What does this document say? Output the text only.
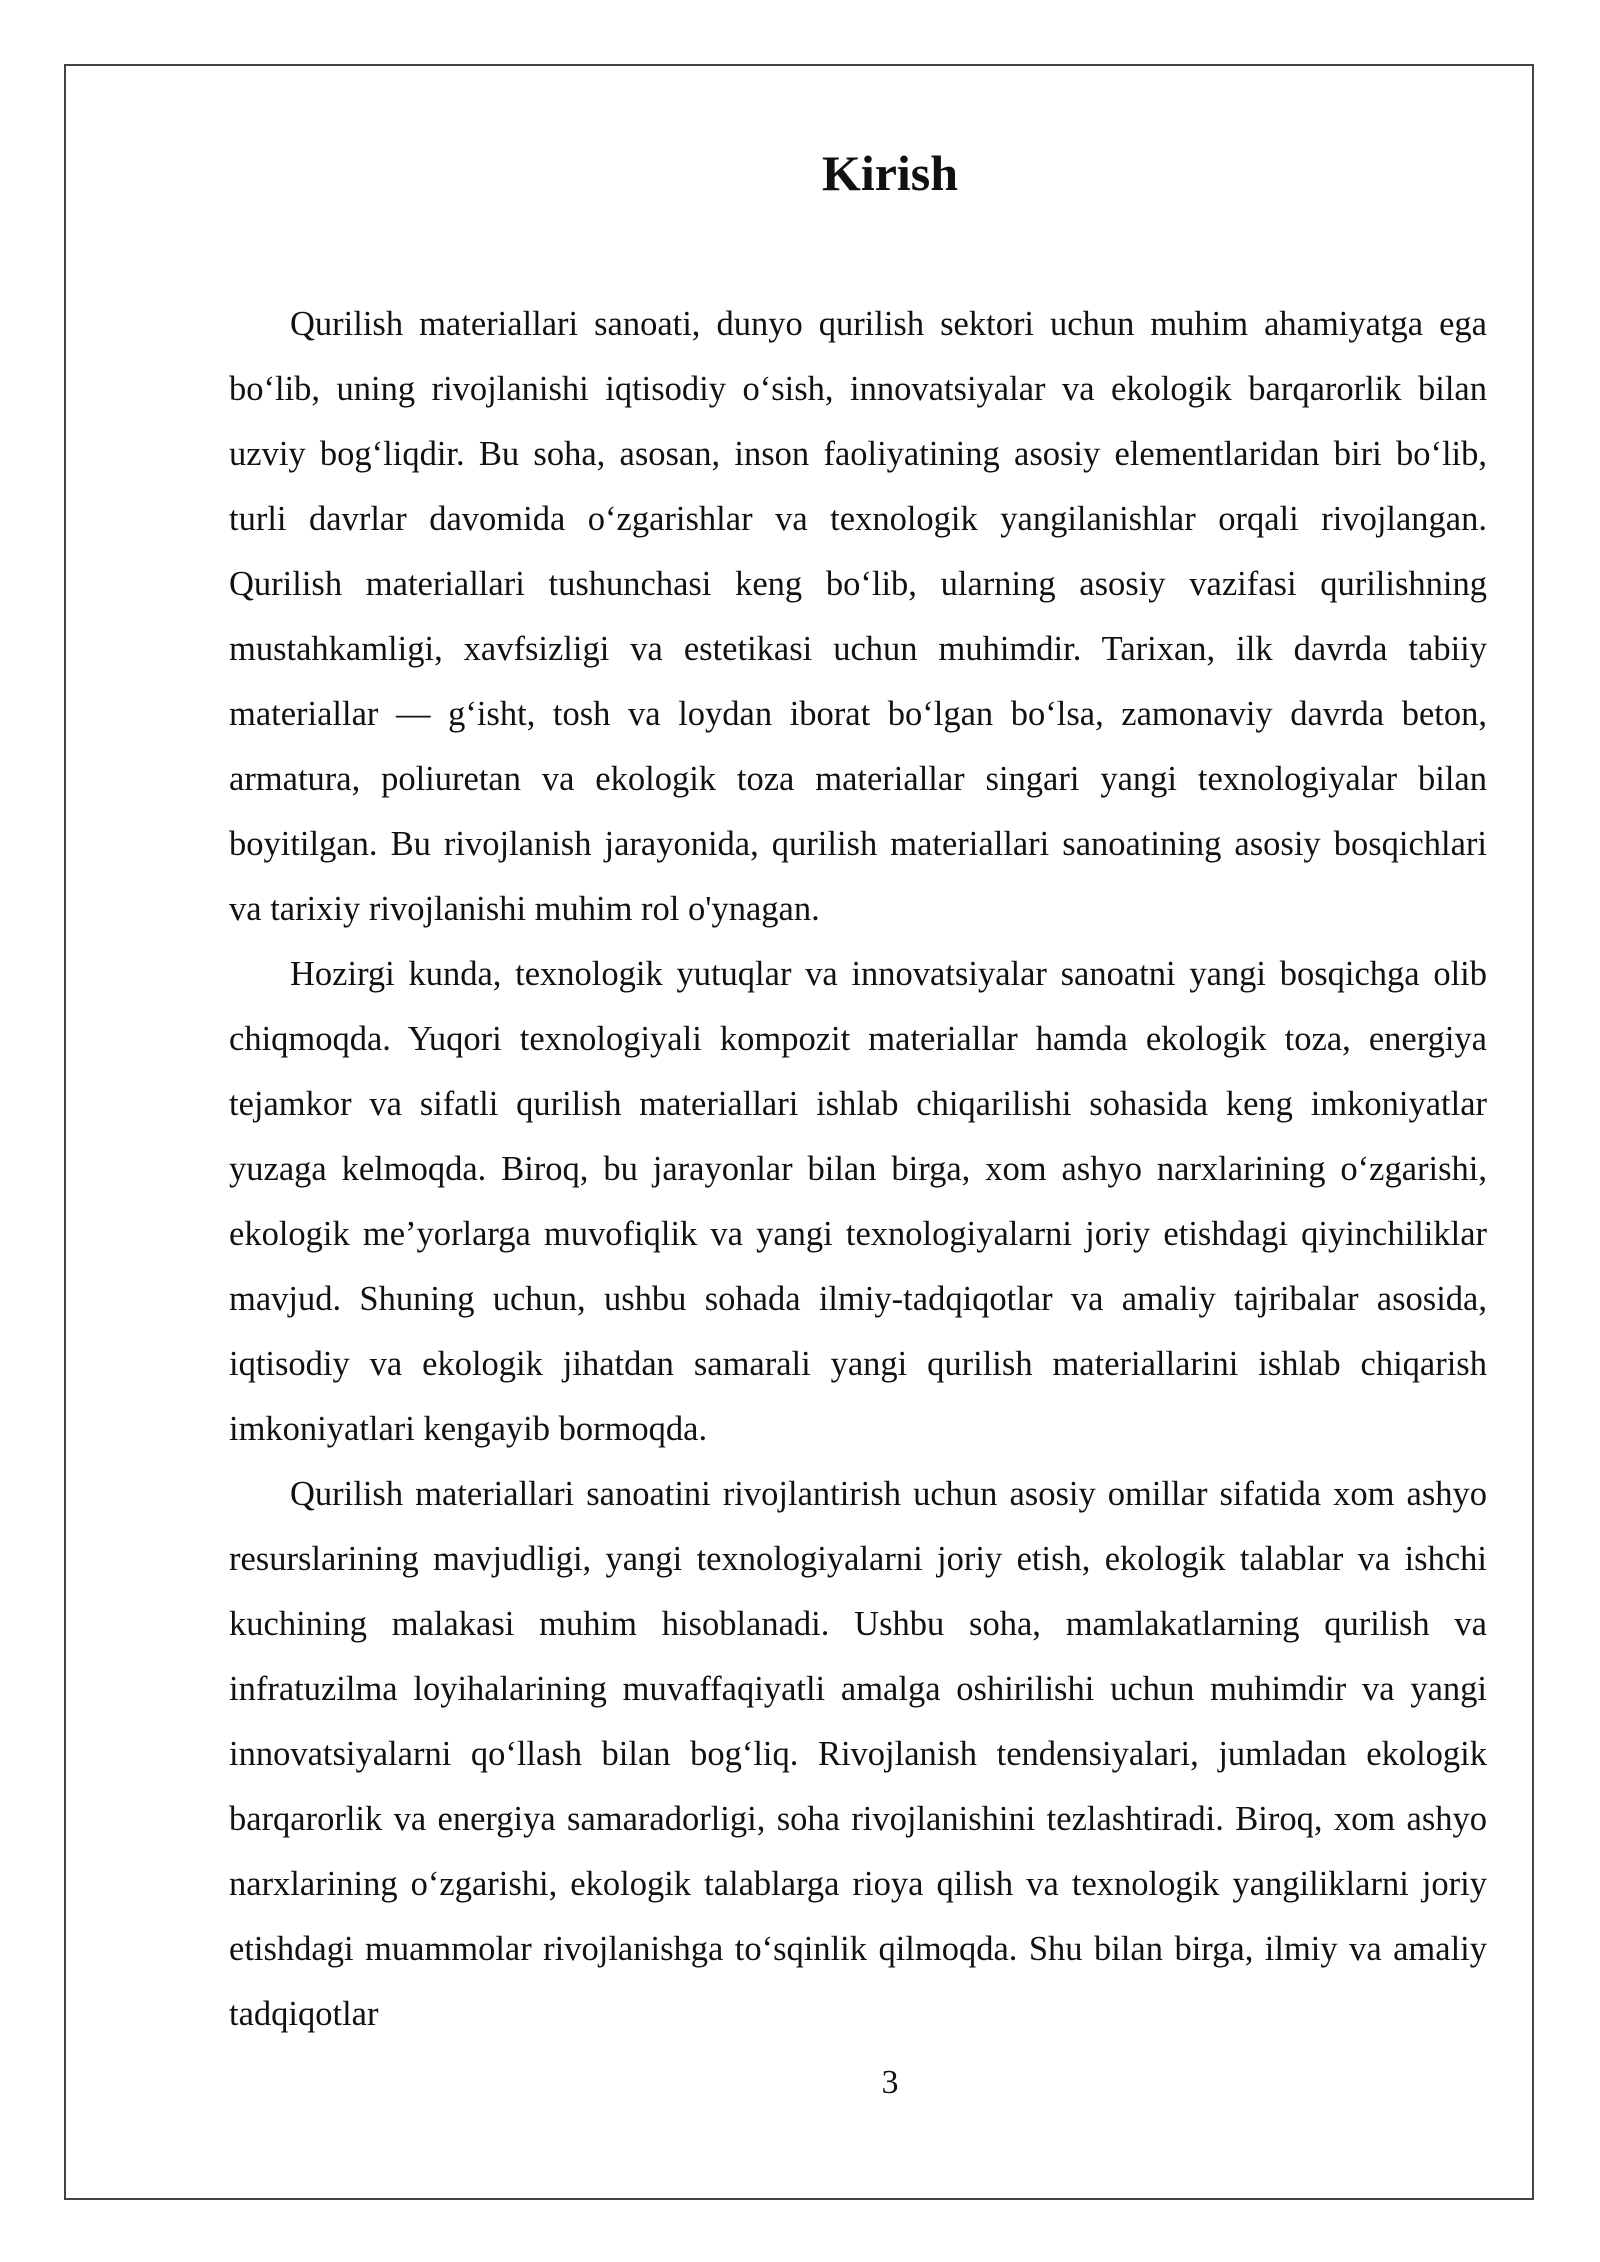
Kirish

Qurilish materiallari sanoati, dunyo qurilish sektori uchun muhim ahamiyatga ega bo‘lib, uning rivojlanishi iqtisodiy o‘sish, innovatsiyalar va ekologik barqarorlik bilan uzviy bog‘liqdir. Bu soha, asosan, inson faoliyatining asosiy elementlaridan biri bo‘lib, turli davrlar davomida o‘zgarishlar va texnologik yangilanishlar orqali rivojlangan. Qurilish materiallari tushunchasi keng bo‘lib, ularning asosiy vazifasi qurilishning mustahkamligi, xavfsizligi va estetikasi uchun muhimdir. Tarixan, ilk davrda tabiiy materiallar — g‘isht, tosh va loydan iborat bo‘lgan bo‘lsa, zamonaviy davrda beton, armatura, poliuretan va ekologik toza materiallar singari yangi texnologiyalar bilan boyitilgan. Bu rivojlanish jarayonida, qurilish materiallari sanoatining asosiy bosqichlari va tarixiy rivojlanishi muhim rol o'ynagan.

Hozirgi kunda, texnologik yutuqlar va innovatsiyalar sanoatni yangi bosqichga olib chiqmoqda. Yuqori texnologiyali kompozit materiallar hamda ekologik toza, energiya tejamkor va sifatli qurilish materiallari ishlab chiqarilishi sohasida keng imkoniyatlar yuzaga kelmoqda. Biroq, bu jarayonlar bilan birga, xom ashyo narxlarining o‘zgarishi, ekologik me’yorlarga muvofiqlik va yangi texnologiyalarni joriy etishdagi qiyinchiliklar mavjud. Shuning uchun, ushbu sohada ilmiy-tadqiqotlar va amaliy tajribalar asosida, iqtisodiy va ekologik jihatdan samarali yangi qurilish materiallarini ishlab chiqarish imkoniyatlari kengayib bormoqda.

Qurilish materiallari sanoatini rivojlantirish uchun asosiy omillar sifatida xom ashyo resurslarining mavjudligi, yangi texnologiyalarni joriy etish, ekologik talablar va ishchi kuchining malakasi muhim hisoblanadi. Ushbu soha, mamlakatlarning qurilish va infratuzilma loyihalarining muvaffaqiyatli amalga oshirilishi uchun muhimdir va yangi innovatsiyalarni qo‘llash bilan bog‘liq. Rivojlanish tendensiyalari, jumladan ekologik barqarorlik va energiya samaradorligi, soha rivojlanishini tezlashtiradi. Biroq, xom ashyo narxlarining o‘zgarishi, ekologik talablarga rioya qilish va texnologik yangiliklarni joriy etishdagi muammolar rivojlanishga to‘sqinlik qilmoqda. Shu bilan birga, ilmiy va amaliy tadqiqotlar

3
